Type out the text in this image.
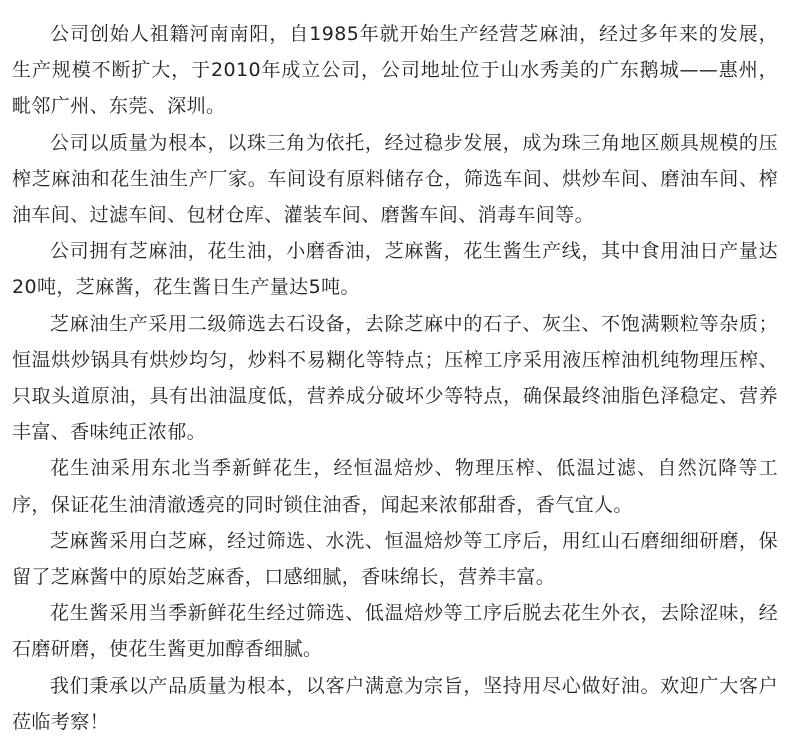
公司创始人祖籍河南南阳，自1985年就开始生产经营芝麻油，经过多年来的发展，生产规模不断扩大，于2010年成立公司，公司地址位于山水秀美的广东鹅城——惠州，毗邻广州、东莞、深圳。

公司以质量为根本，以珠三角为依托，经过稳步发展，成为珠三角地区颇具规模的压榨芝麻油和花生油生产厂家。车间设有原料储存仓，筛选车间、烘炒车间、磨油车间、榨油车间、过滤车间、包材仓库、灌装车间、磨酱车间、消毒车间等。

公司拥有芝麻油，花生油，小磨香油，芝麻酱，花生酱生产线，其中食用油日产量达20吨，芝麻酱，花生酱日生产量达5吨。

芝麻油生产采用二级筛选去石设备，去除芝麻中的石子、灰尘、不饱满颗粒等杂质；恒温烘炒锅具有烘炒均匀，炒料不易糊化等特点；压榨工序采用液压榨油机纯物理压榨、只取头道原油，具有出油温度低，营养成分破坏少等特点，确保最终油脂色泽稳定、营养丰富、香味纯正浓郁。

花生油采用东北当季新鲜花生，经恒温焙炒、物理压榨、低温过滤、自然沉降等工序，保证花生油清澈透亮的同时锁住油香，闻起来浓郁甜香，香气宜人。

芝麻酱采用白芝麻，经过筛选、水洗、恒温焙炒等工序后，用红山石磨细细研磨，保留了芝麻酱中的原始芝麻香，口感细腻，香味绵长，营养丰富。

花生酱采用当季新鲜花生经过筛选、低温焙炒等工序后脱去花生外衣，去除涩味，经石磨研磨，使花生酱更加醇香细腻。

我们秉承以产品质量为根本，以客户满意为宗旨，坚持用尽心做好油。欢迎广大客户莅临考察！
